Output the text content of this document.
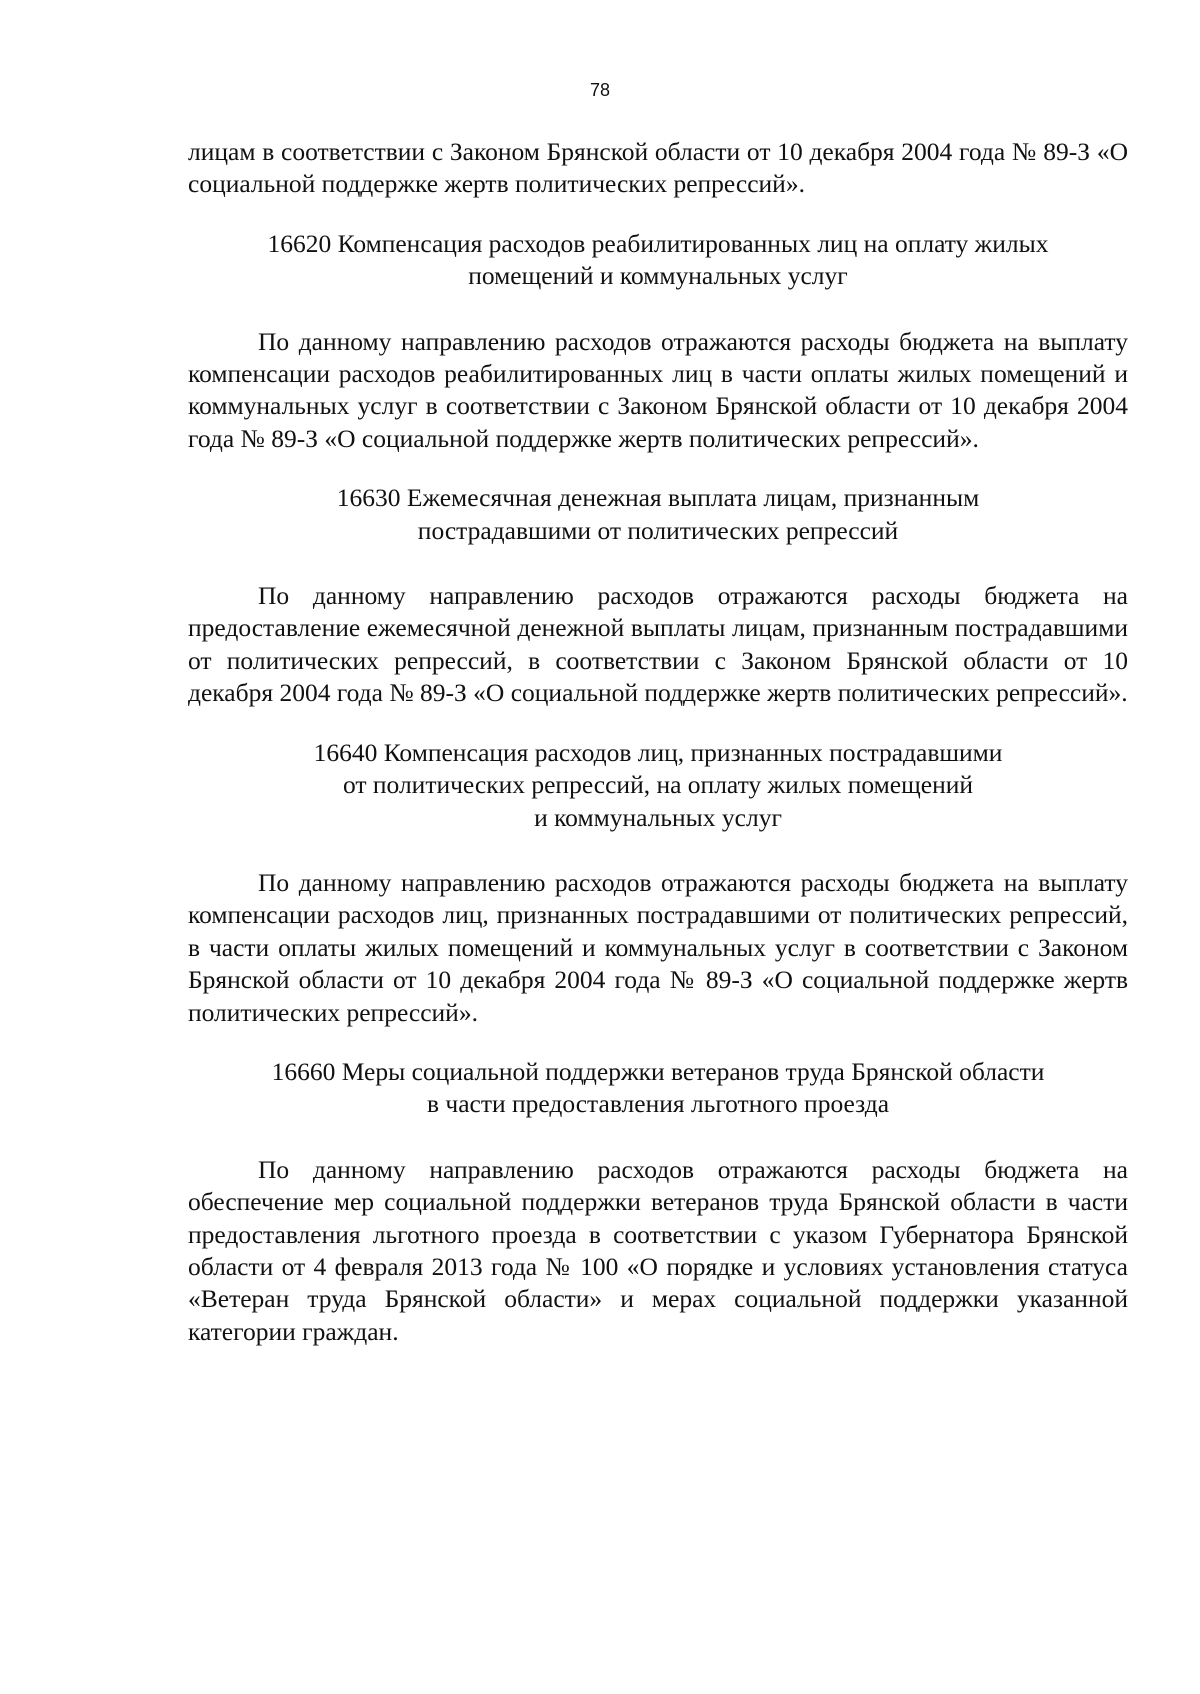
78

лицам в соответствии с Законом Брянской области от 10 декабря 2004 года № 89-З «О социальной поддержке жертв политических репрессий».

16620 Компенсация расходов реабилитированных лиц на оплату жилых
помещений и коммунальных услуг

По данному направлению расходов отражаются расходы бюджета на выплату компенсации расходов реабилитированных лиц в части оплаты жилых помещений и коммунальных услуг в соответствии с Законом Брянской области от 10 декабря 2004 года № 89-З «О социальной поддержке жертв политических репрессий».

16630 Ежемесячная денежная выплата лицам, признанным
пострадавшими от политических репрессий

По данному направлению расходов отражаются расходы бюджета на предоставление ежемесячной денежной выплаты лицам, признанным пострадавшими от политических репрессий, в соответствии с Законом Брянской области от 10 декабря 2004 года № 89-З «О социальной поддержке жертв политических репрессий».

16640 Компенсация расходов лиц, признанных пострадавшими
от политических репрессий, на оплату жилых помещений
и коммунальных услуг

По данному направлению расходов отражаются расходы бюджета на выплату компенсации расходов лиц, признанных пострадавшими от политических репрессий, в части оплаты жилых помещений и коммунальных услуг в соответствии с Законом Брянской области от 10 декабря 2004 года № 89-З «О социальной поддержке жертв политических репрессий».

16660 Меры социальной поддержки ветеранов труда Брянской области
в части предоставления льготного проезда

По данному направлению расходов отражаются расходы бюджета на обеспечение мер социальной поддержки ветеранов труда Брянской области в части предоставления льготного проезда в соответствии с указом Губернатора Брянской области от 4 февраля 2013 года № 100 «О порядке и условиях установления статуса «Ветеран труда Брянской области» и мерах социальной поддержки указанной категории граждан.
